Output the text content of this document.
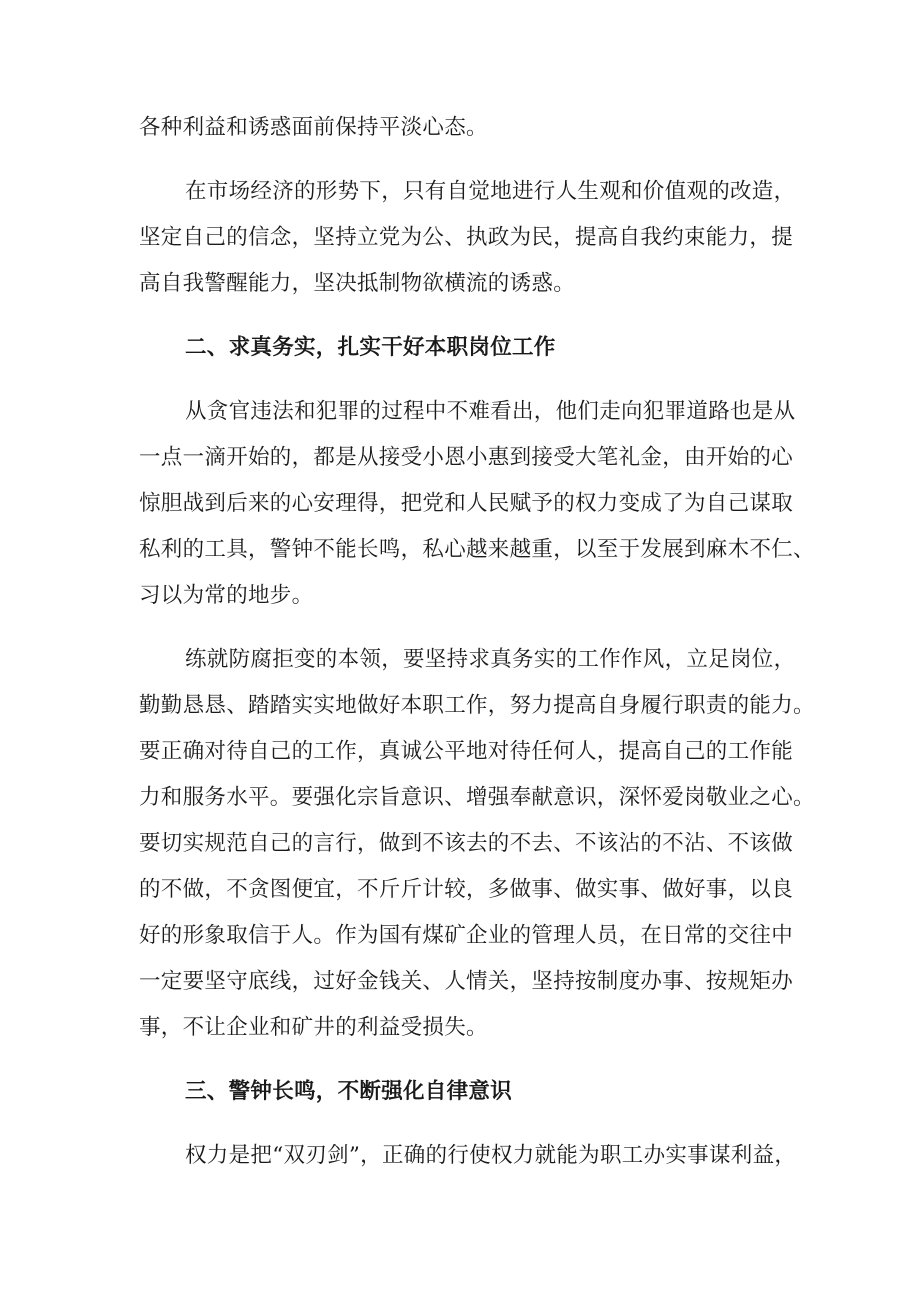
各种利益和诱惑面前保持平淡心态。
在市场经济的形势下，只有自觉地进行人生观和价值观的改造，
坚定自己的信念，坚持立党为公、执政为民，提高自我约束能力，提
高自我警醒能力，坚决抵制物欲横流的诱惑。
二、求真务实，扎实干好本职岗位工作
从贪官违法和犯罪的过程中不难看出，他们走向犯罪道路也是从
一点一滴开始的，都是从接受小恩小惠到接受大笔礼金，由开始的心
惊胆战到后来的心安理得，把党和人民赋予的权力变成了为自己谋取
私利的工具，警钟不能长鸣，私心越来越重，以至于发展到麻木不仁、
习以为常的地步。
练就防腐拒变的本领，要坚持求真务实的工作作风，立足岗位，
勤勤恳恳、踏踏实实地做好本职工作，努力提高自身履行职责的能力。
要正确对待自己的工作，真诚公平地对待任何人，提高自己的工作能
力和服务水平。要强化宗旨意识、增强奉献意识，深怀爱岗敬业之心。
要切实规范自己的言行，做到不该去的不去、不该沾的不沾、不该做
的不做，不贪图便宜，不斤斤计较，多做事、做实事、做好事，以良
好的形象取信于人。作为国有煤矿企业的管理人员，在日常的交往中
一定要坚守底线，过好金钱关、人情关，坚持按制度办事、按规矩办
事，不让企业和矿井的利益受损失。
三、警钟长鸣，不断强化自律意识
权力是把“双刃剑”，正确的行使权力就能为职工办实事谋利益，
